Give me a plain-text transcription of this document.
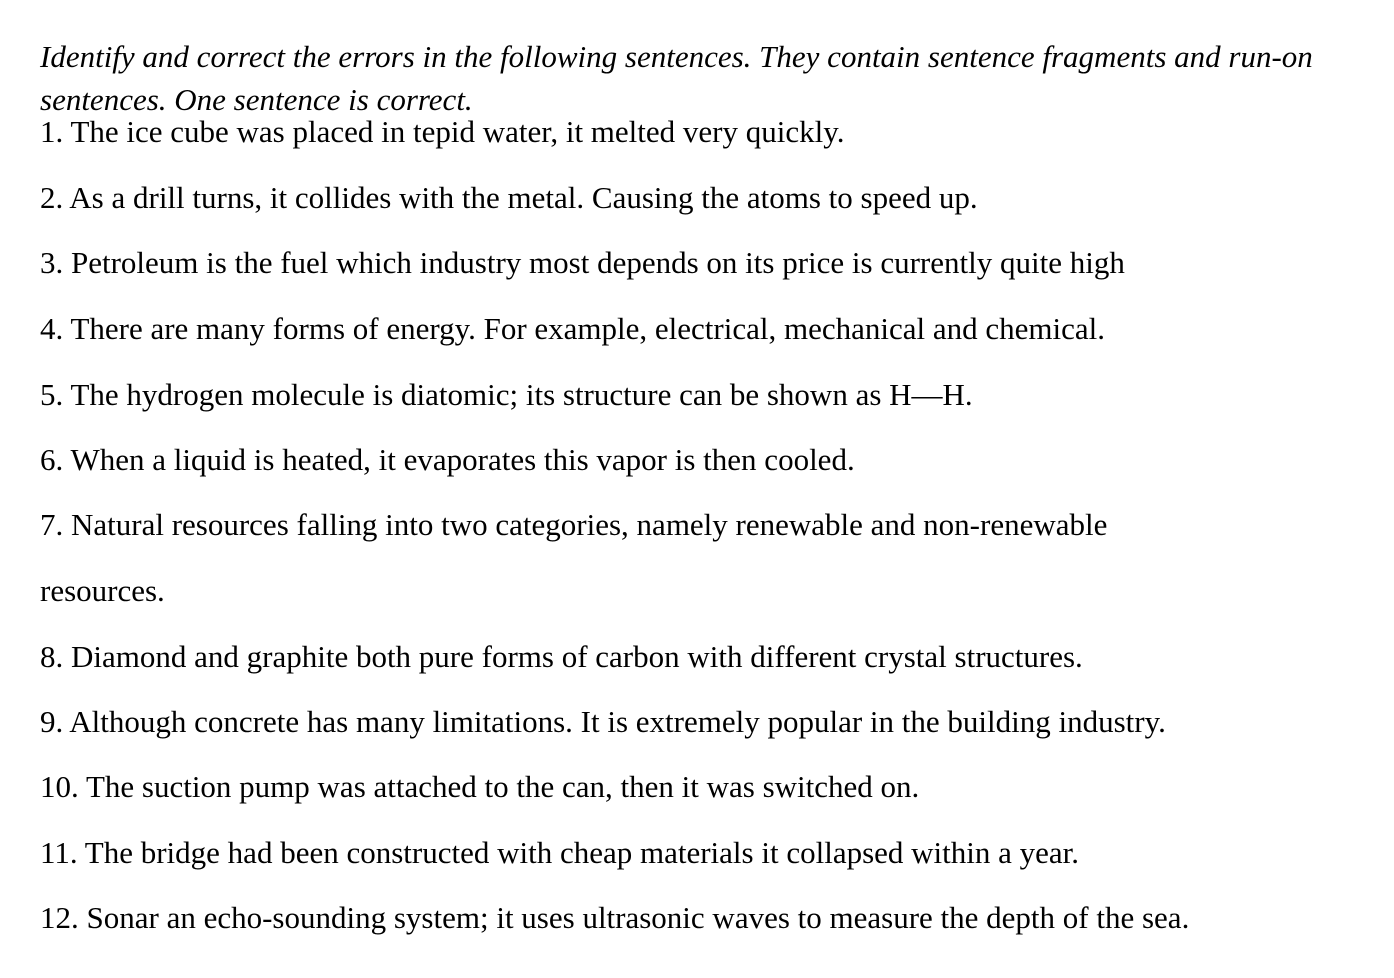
Identify and correct the errors in the following sentences. They contain sentence fragments and run-on sentences. One sentence is correct.

1. The ice cube was placed in tepid water, it melted very quickly.
2. As a drill turns, it collides with the metal. Causing the atoms to speed up.
3. Petroleum is the fuel which industry most depends on its price is currently quite high
4. There are many forms of energy. For example, electrical, mechanical and chemical.
5. The hydrogen molecule is diatomic; its structure can be shown as H—H.
6. When a liquid is heated, it evaporates this vapor is then cooled.
7. Natural resources falling into two categories, namely renewable and non-renewable
resources.
8. Diamond and graphite both pure forms of carbon with different crystal structures.
9. Although concrete has many limitations. It is extremely popular in the building industry.
10. The suction pump was attached to the can, then it was switched on.
11. The bridge had been constructed with cheap materials it collapsed within a year.
12. Sonar an echo-sounding system; it uses ultrasonic waves to measure the depth of the sea.
